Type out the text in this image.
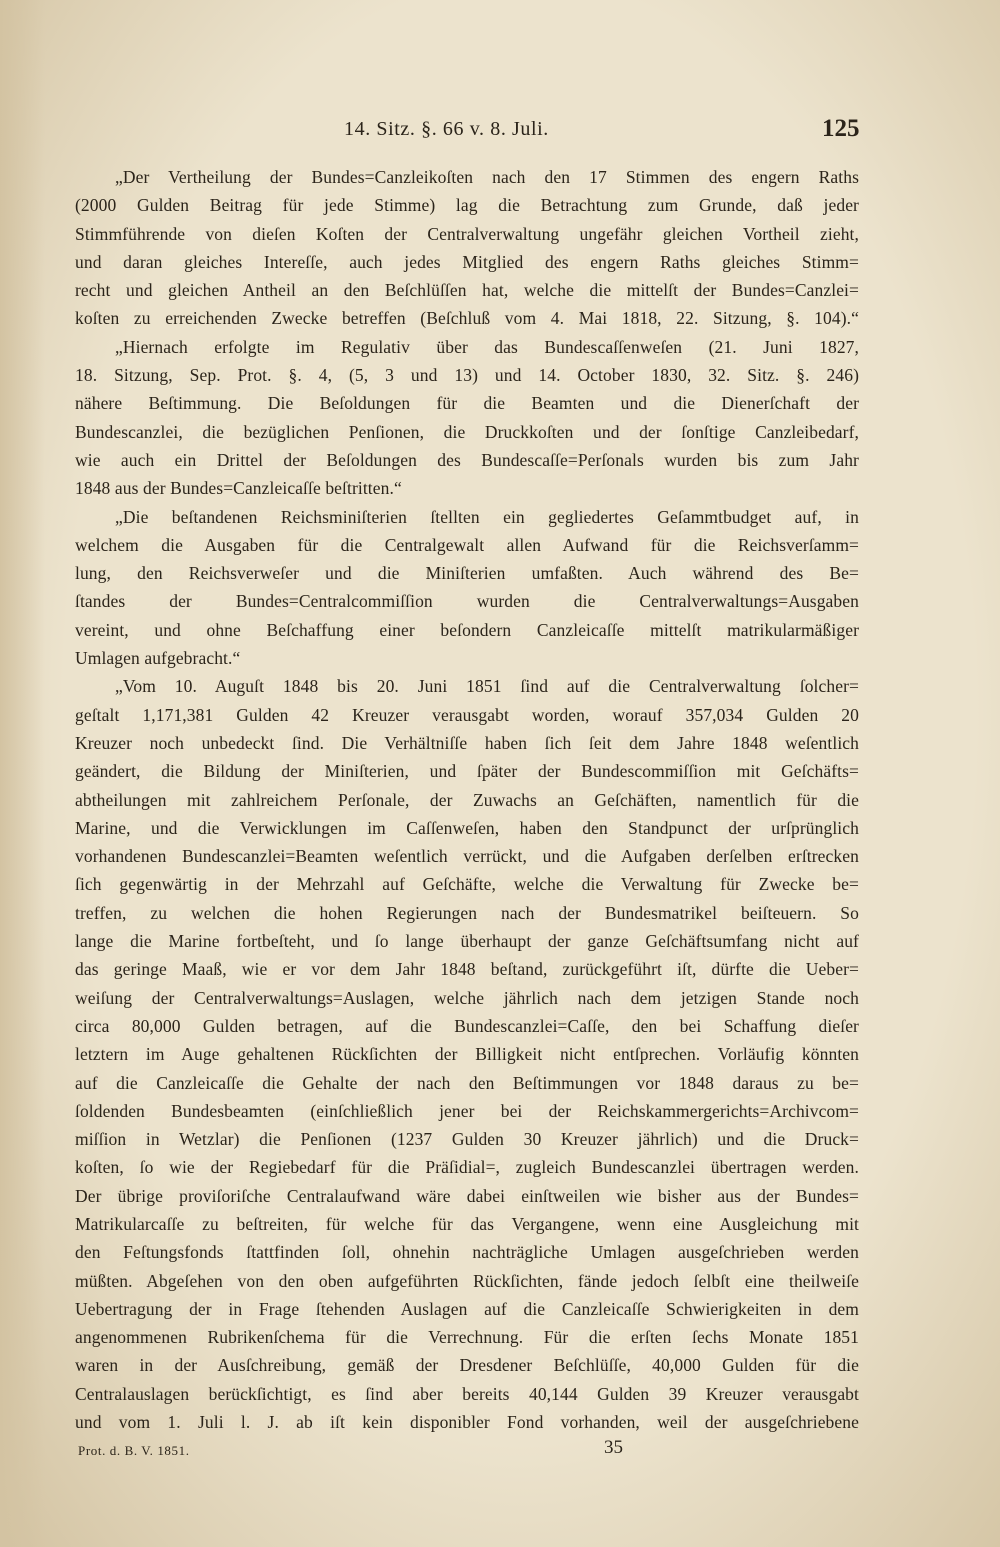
14. Sitz. §. 66 v. 8. Juli.	125
„Der Vertheilung der Bundes=Canzleikoſten nach den 17 Stimmen des engern Raths
(2000 Gulden Beitrag für jede Stimme) lag die Betrachtung zum Grunde, daß jeder
Stimmführende von dieſen Koſten der Centralverwaltung ungefähr gleichen Vortheil zieht,
und daran gleiches Intereſſe, auch jedes Mitglied des engern Raths gleiches Stimm=
recht und gleichen Antheil an den Beſchlüſſen hat, welche die mittelſt der Bundes=Canzlei=
koſten zu erreichenden Zwecke betreffen (Beſchluß vom 4. Mai 1818, 22. Sitzung, §. 104).“
„Hiernach erfolgte im Regulativ über das Bundescaſſenweſen (21. Juni 1827,
18. Sitzung, Sep. Prot. §. 4, (5, 3 und 13) und 14. October 1830, 32. Sitz. §. 246)
nähere Beſtimmung. Die Beſoldungen für die Beamten und die Dienerſchaft der
Bundescanzlei, die bezüglichen Penſionen, die Druckkoſten und der ſonſtige Canzleibedarf,
wie auch ein Drittel der Beſoldungen des Bundescaſſe=Perſonals wurden bis zum Jahr
1848 aus der Bundes=Canzleicaſſe beſtritten.“
„Die beſtandenen Reichsminiſterien ſtellten ein gegliedertes Geſammtbudget auf, in
welchem die Ausgaben für die Centralgewalt allen Aufwand für die Reichsverſamm=
lung, den Reichsverweſer und die Miniſterien umfaßten. Auch während des Be=
ſtandes der Bundes=Centralcommiſſion wurden die Centralverwaltungs=Ausgaben
vereint, und ohne Beſchaffung einer beſondern Canzleicaſſe mittelſt matrikularmäßiger
Umlagen aufgebracht.“
„Vom 10. Auguſt 1848 bis 20. Juni 1851 ſind auf die Centralverwaltung ſolcher=
geſtalt 1,171,381 Gulden 42 Kreuzer verausgabt worden, worauf 357,034 Gulden 20
Kreuzer noch unbedeckt ſind. Die Verhältniſſe haben ſich ſeit dem Jahre 1848 weſentlich
geändert, die Bildung der Miniſterien, und ſpäter der Bundescommiſſion mit Geſchäfts=
abtheilungen mit zahlreichem Perſonale, der Zuwachs an Geſchäften, namentlich für die
Marine, und die Verwicklungen im Caſſenweſen, haben den Standpunct der urſprünglich
vorhandenen Bundescanzlei=Beamten weſentlich verrückt, und die Aufgaben derſelben erſtrecken
ſich gegenwärtig in der Mehrzahl auf Geſchäfte, welche die Verwaltung für Zwecke be=
treffen, zu welchen die hohen Regierungen nach der Bundesmatrikel beiſteuern. So
lange die Marine fortbeſteht, und ſo lange überhaupt der ganze Geſchäftsumfang nicht auf
das geringe Maaß, wie er vor dem Jahr 1848 beſtand, zurückgeführt iſt, dürfte die Ueber=
weiſung der Centralverwaltungs=Auslagen, welche jährlich nach dem jetzigen Stande noch
circa 80,000 Gulden betragen, auf die Bundescanzlei=Caſſe, den bei Schaffung dieſer
letztern im Auge gehaltenen Rückſichten der Billigkeit nicht entſprechen. Vorläufig könnten
auf die Canzleicaſſe die Gehalte der nach den Beſtimmungen vor 1848 daraus zu be=
ſoldenden Bundesbeamten (einſchließlich jener bei der Reichskammergerichts=Archivcom=
miſſion in Wetzlar) die Penſionen (1237 Gulden 30 Kreuzer jährlich) und die Druck=
koſten, ſo wie der Regiebedarf für die Präſidial=, zugleich Bundescanzlei übertragen werden.
Der übrige proviſoriſche Centralaufwand wäre dabei einſtweilen wie bisher aus der Bundes=
Matrikularcaſſe zu beſtreiten, für welche für das Vergangene, wenn eine Ausgleichung mit
den Feſtungsfonds ſtattfinden ſoll, ohnehin nachträgliche Umlagen ausgeſchrieben werden
müßten. Abgeſehen von den oben aufgeführten Rückſichten, fände jedoch ſelbſt eine theilweiſe
Uebertragung der in Frage ſtehenden Auslagen auf die Canzleicaſſe Schwierigkeiten in dem
angenommenen Rubrikenſchema für die Verrechnung. Für die erſten ſechs Monate 1851
waren in der Ausſchreibung, gemäß der Dresdener Beſchlüſſe, 40,000 Gulden für die
Centralauslagen berückſichtigt, es ſind aber bereits 40,144 Gulden 39 Kreuzer verausgabt
und vom 1. Juli l. J. ab iſt kein disponibler Fond vorhanden, weil der ausgeſchriebene
Prot. d. B. V. 1851.	35
